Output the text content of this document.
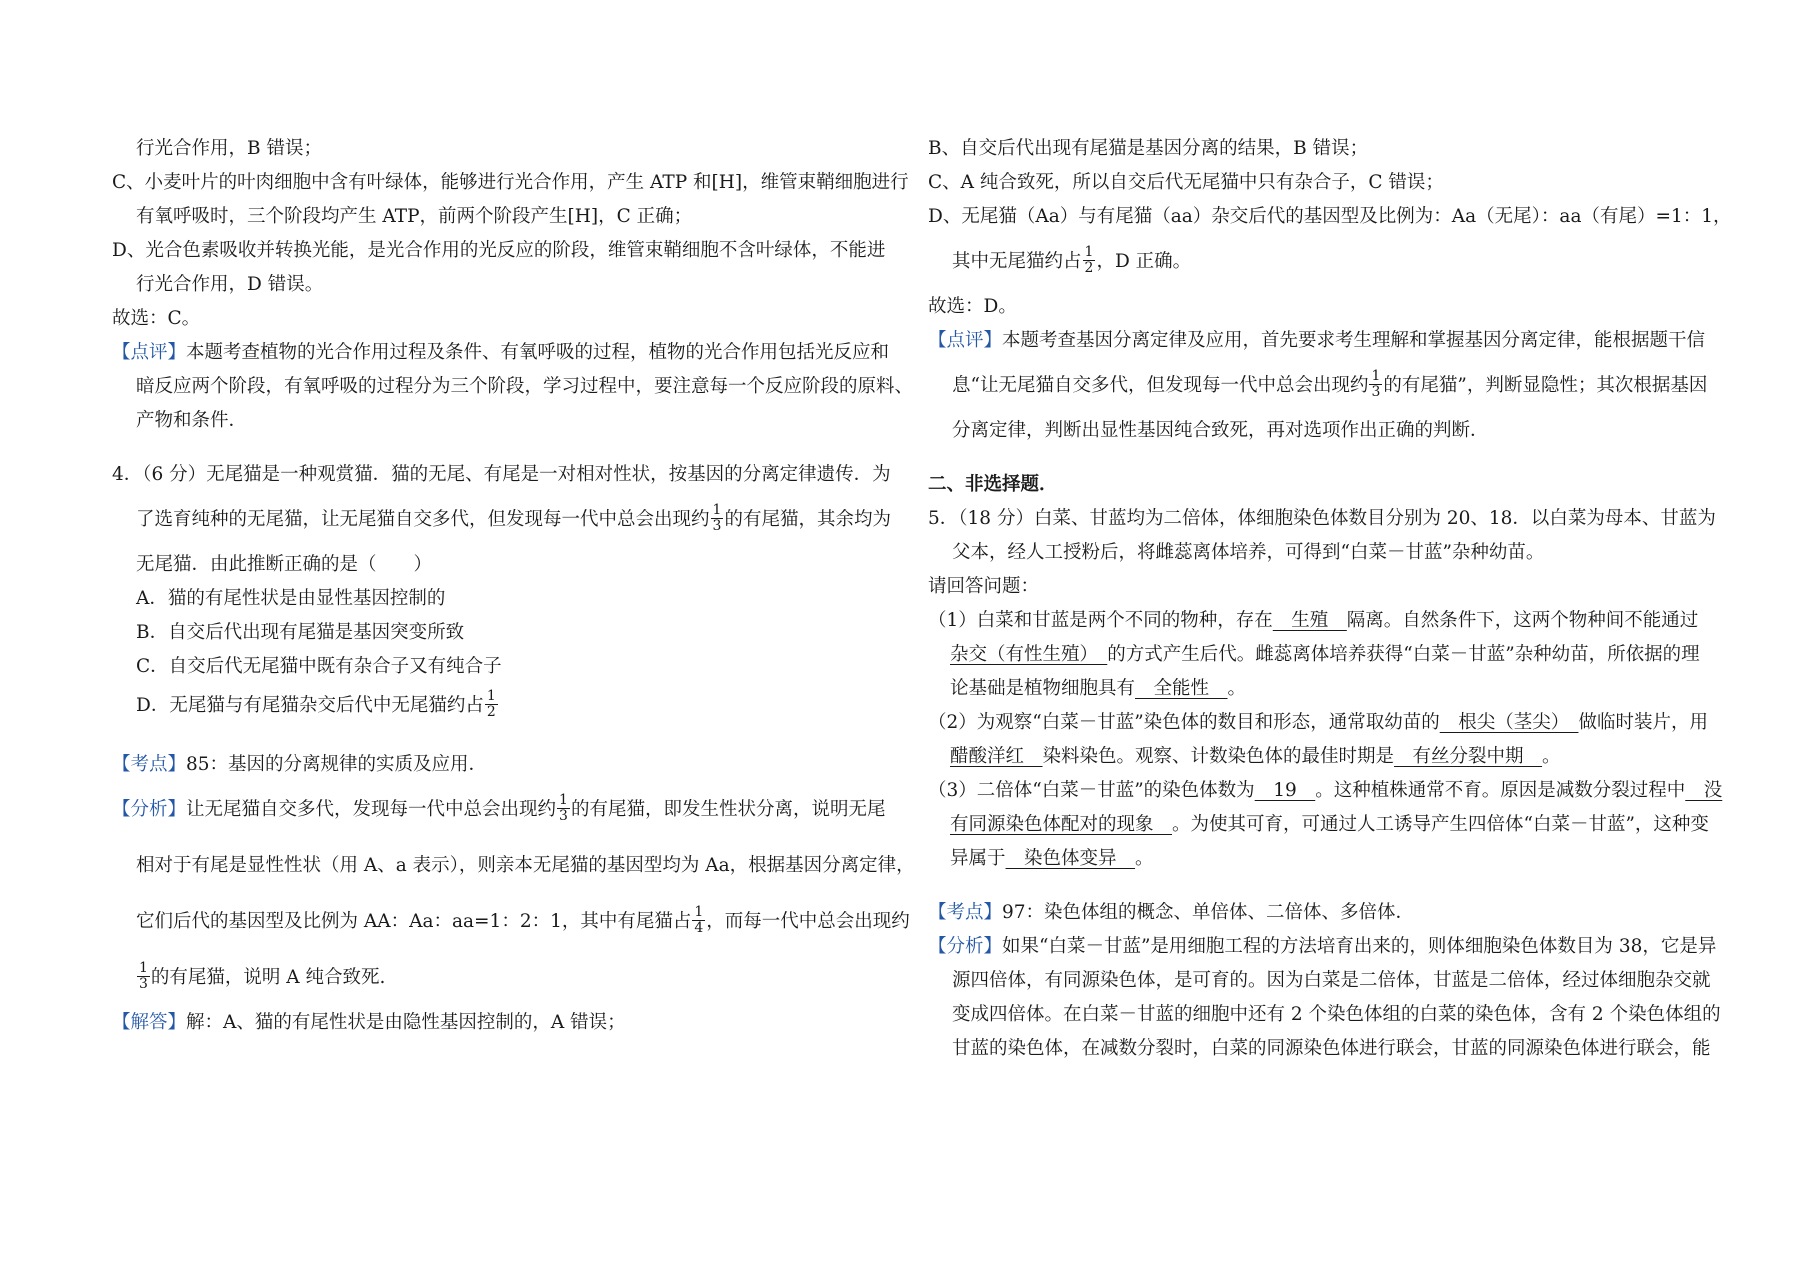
行光合作用，B 错误；
C、小麦叶片的叶肉细胞中含有叶绿体，能够进行光合作用，产生 ATP 和[H]，维管束鞘细胞进行
有氧呼吸时，三个阶段均产生 ATP，前两个阶段产生[H]，C 正确；
D、光合色素吸收并转换光能，是光合作用的光反应的阶段，维管束鞘细胞不含叶绿体，不能进
行光合作用，D 错误。
故选：C。
【点评】本题考查植物的光合作用过程及条件、有氧呼吸的过程，植物的光合作用包括光反应和
暗反应两个阶段，有氧呼吸的过程分为三个阶段，学习过程中，要注意每一个反应阶段的原料、
产物和条件．
4．（6 分）无尾猫是一种观赏猫．猫的无尾、有尾是一对相对性状，按基因的分离定律遗传．为
了选育纯种的无尾猫，让无尾猫自交多代，但发现每一代中总会出现约 $\frac{1}{3}$ 的有尾猫，其余均为
无尾猫．由此推断正确的是（　　）
A．猫的有尾性状是由显性基因控制的
B．自交后代出现有尾猫是基因突变所致
C．自交后代无尾猫中既有杂合子又有纯合子
D．无尾猫与有尾猫杂交后代中无尾猫约占 $\frac{1}{2}$
【考点】85：基因的分离规律的实质及应用．
【分析】让无尾猫自交多代，发现每一代中总会出现约 $\frac{1}{3}$ 的有尾猫，即发生性状分离，说明无尾
相对于有尾是显性性状（用 A、a 表示），则亲本无尾猫的基因型均为 Aa，根据基因分离定律，
它们后代的基因型及比例为 AA：Aa：aa=1：2：1，其中有尾猫占 $\frac{1}{4}$ ，而每一代中总会出现约
$\frac{1}{3}$ 的有尾猫，说明 A 纯合致死.
【解答】解：A、猫的有尾性状是由隐性基因控制的，A 错误；
B、自交后代出现有尾猫是基因分离的结果，B 错误；
C、A 纯合致死，所以自交后代无尾猫中只有杂合子，C 错误；
D、无尾猫（Aa）与有尾猫（aa）杂交后代的基因型及比例为：Aa（无尾）：aa（有尾）=1：1，
其中无尾猫约占 $\frac{1}{2}$ ，D 正确。
故选：D。
【点评】本题考查基因分离定律及应用，首先要求考生理解和掌握基因分离定律，能根据题干信
息“让无尾猫自交多代，但发现每一代中总会出现约 $\frac{1}{3}$ 的有尾猫”，判断显隐性；其次根据基因
分离定律，判断出显性基因纯合致死，再对选项作出正确的判断．
二、非选择题．
5．（18 分）白菜、甘蓝均为二倍体，体细胞染色体数目分别为 20、18．以白菜为母本、甘蓝为
父本，经人工授粉后，将雌蕊离体培养，可得到“白菜－甘蓝”杂种幼苗。
请回答问题：
（1）白菜和甘蓝是两个不同的物种，存在　生殖　隔离。自然条件下，这两个物种间不能通过
杂交（有性生殖）　的方式产生后代。雌蕊离体培养获得“白菜－甘蓝”杂种幼苗，所依据的理
论基础是植物细胞具有　全能性　。
（2）为观察“白菜－甘蓝”染色体的数目和形态，通常取幼苗的　根尖（茎尖）　做临时装片，用
醋酸洋红　染料染色。观察、计数染色体的最佳时期是　有丝分裂中期　。
（3）二倍体“白菜－甘蓝”的染色体数为　19　。这种植株通常不育。原因是减数分裂过程中　没
有同源染色体配对的现象　。为使其可育，可通过人工诱导产生四倍体“白菜－甘蓝”，这种变
异属于　染色体变异　。
【考点】97：染色体组的概念、单倍体、二倍体、多倍体．
【分析】如果“白菜－甘蓝”是用细胞工程的方法培育出来的，则体细胞染色体数目为 38，它是异
源四倍体，有同源染色体，是可育的。因为白菜是二倍体，甘蓝是二倍体，经过体细胞杂交就
变成四倍体。在白菜－甘蓝的细胞中还有 2 个染色体组的白菜的染色体，含有 2 个染色体组的
甘蓝的染色体，在减数分裂时，白菜的同源染色体进行联会，甘蓝的同源染色体进行联会，能
